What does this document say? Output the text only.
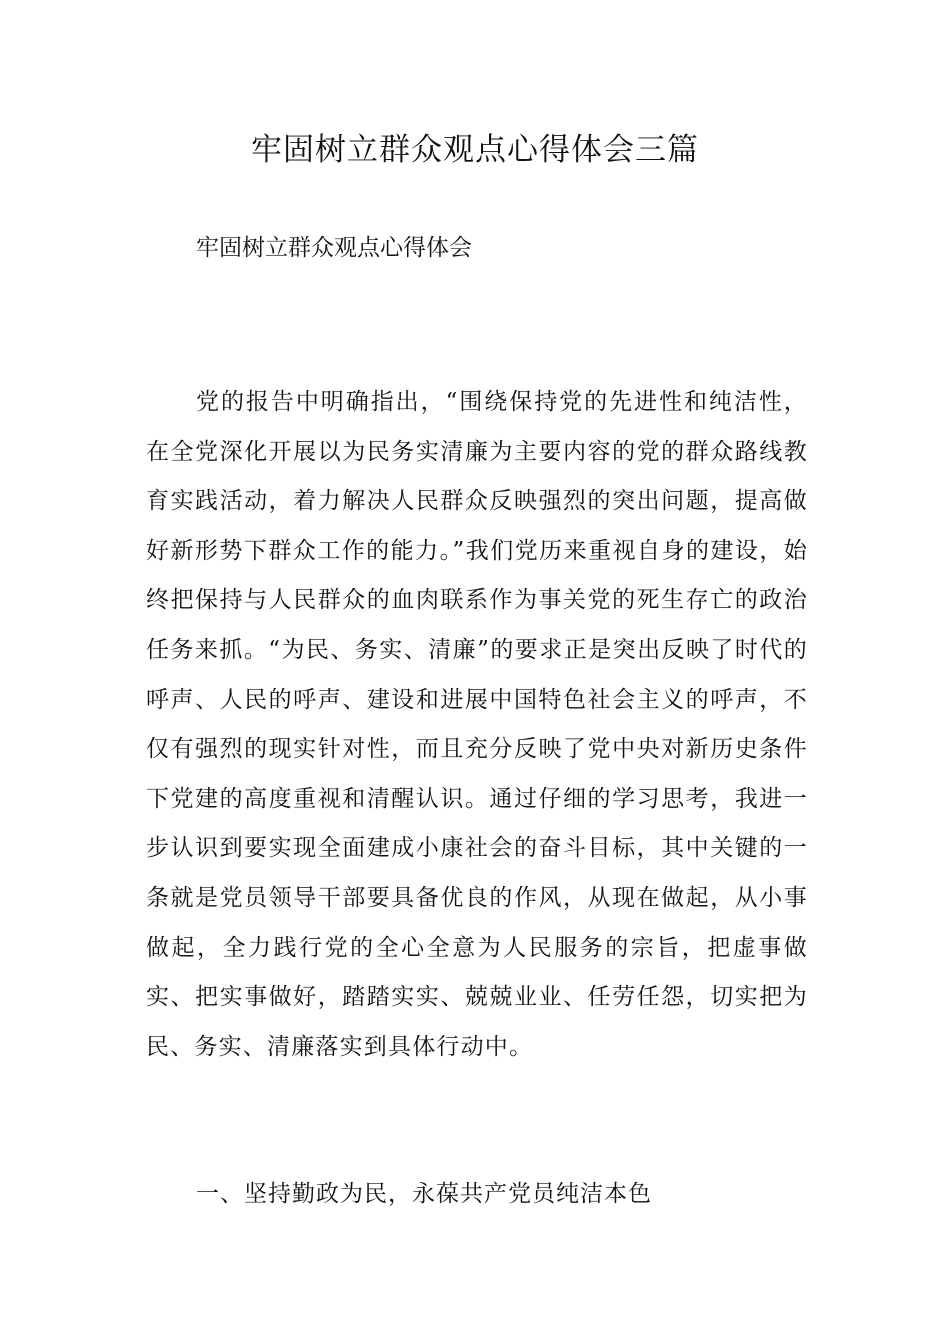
牢固树立群众观点心得体会三篇

牢固树立群众观点心得体会

党的报告中明确指出，“围绕保持党的先进性和纯洁性，在全党深化开展以为民务实清廉为主要内容的党的群众路线教育实践活动，着力解决人民群众反映强烈的突出问题，提高做好新形势下群众工作的能力。”我们党历来重视自身的建设，始终把保持与人民群众的血肉联系作为事关党的死生存亡的政治任务来抓。“为民、务实、清廉”的要求正是突出反映了时代的呼声、人民的呼声、建设和进展中国特色社会主义的呼声，不仅有强烈的现实针对性，而且充分反映了党中央对新历史条件下党建的高度重视和清醒认识。通过仔细的学习思考，我进一步认识到要实现全面建成小康社会的奋斗目标，其中关键的一条就是党员领导干部要具备优良的作风，从现在做起，从小事做起，全力践行党的全心全意为人民服务的宗旨，把虚事做实、把实事做好，踏踏实实、兢兢业业、任劳任怨，切实把为民、务实、清廉落实到具体行动中。

一、坚持勤政为民，永葆共产党员纯洁本色
